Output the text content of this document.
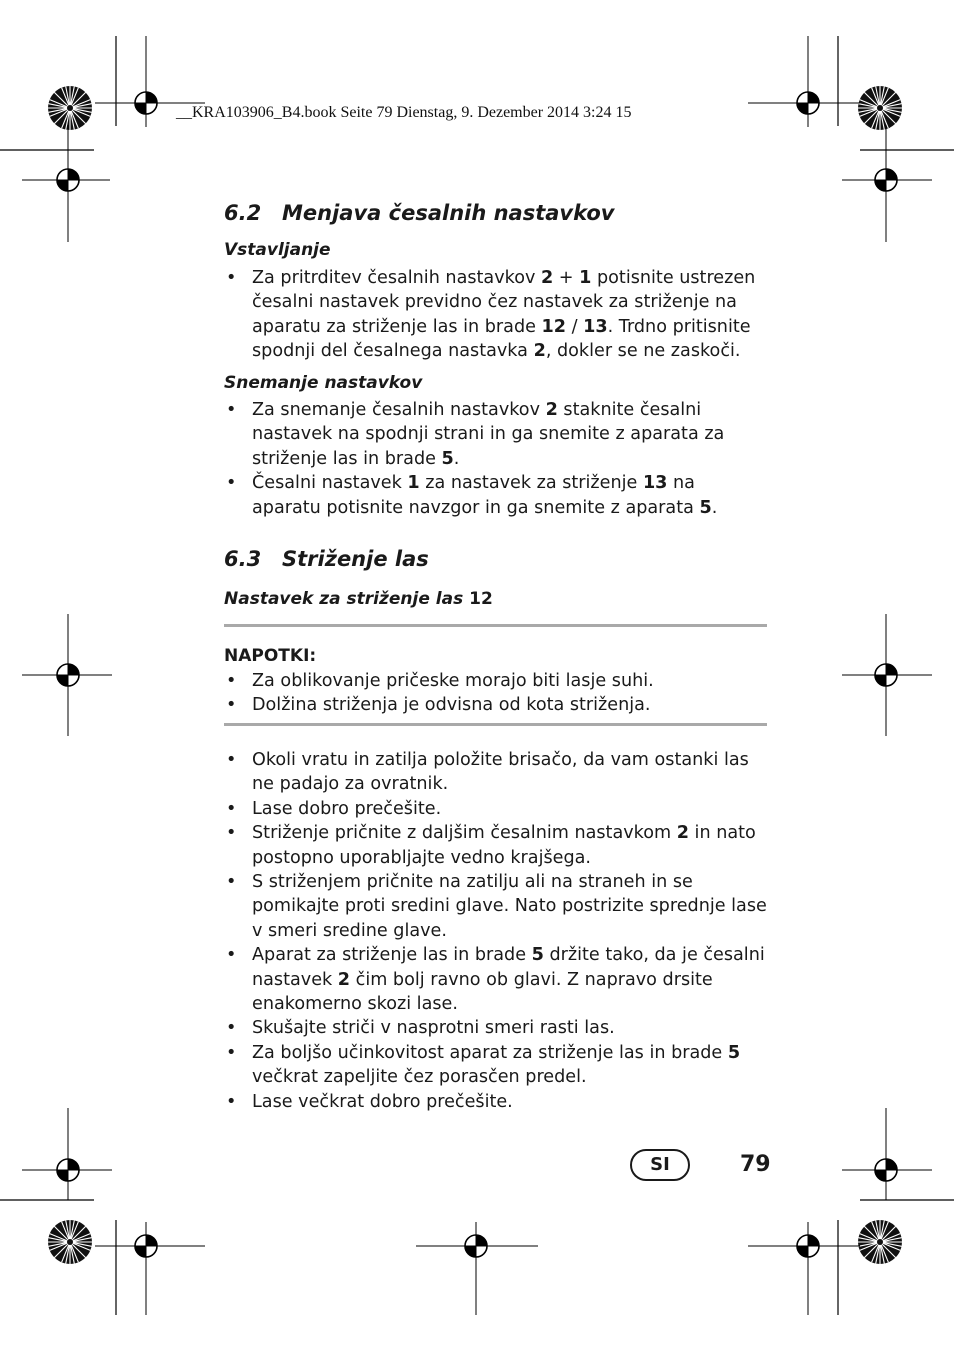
__KRA103906_B4.book Seite 79 Dienstag, 9. Dezember 2014 3:24 15
6.2 Menjava česalnih nastavkov
Vstavljanje
• Za pritrditev česalnih nastavkov 2 + 1 potisnite ustrezen česalni nastavek previdno čez nastavek za striženje na aparatu za striženje las in brade 12 / 13. Trdno pritisnite spodnji del česalnega nastavka 2, dokler se ne zaskoči.
Snemanje nastavkov
• Za snemanje česalnih nastavkov 2 staknite česalni nastavek na spodnji strani in ga snemite z aparata za striženje las in brade 5.
• Česalni nastavek 1 za nastavek za striženje 13 na aparatu potisnite navzgor in ga snemite z aparata 5.
6.3 Striženje las
Nastavek za striženje las 12
NAPOTKI:
• Za oblikovanje pričeske morajo biti lasje suhi.
• Dolžina striženja je odvisna od kota striženja.
• Okoli vratu in zatilja položite brisačo, da vam ostanki las ne padajo za ovratnik.
• Lase dobro prečešite.
• Striženje pričnite z daljšim česalnim nastavkom 2 in nato postopno uporabljajte vedno krajšega.
• S striženjem pričnite na zatilju ali na straneh in se pomikajte proti sredini glave. Nato postrizite sprednje lase v smeri sredine glave.
• Aparat za striženje las in brade 5 držite tako, da je česalni nastavek 2 čim bolj ravno ob glavi. Z napravo drsite enakomerno skozi lase.
• Skušajte striči v nasprotni smeri rasti las.
• Za boljšo učinkovitost aparat za striženje las in brade 5 večkrat zapeljite čez porasčen predel.
• Lase večkrat dobro prečešite.
SI	79
